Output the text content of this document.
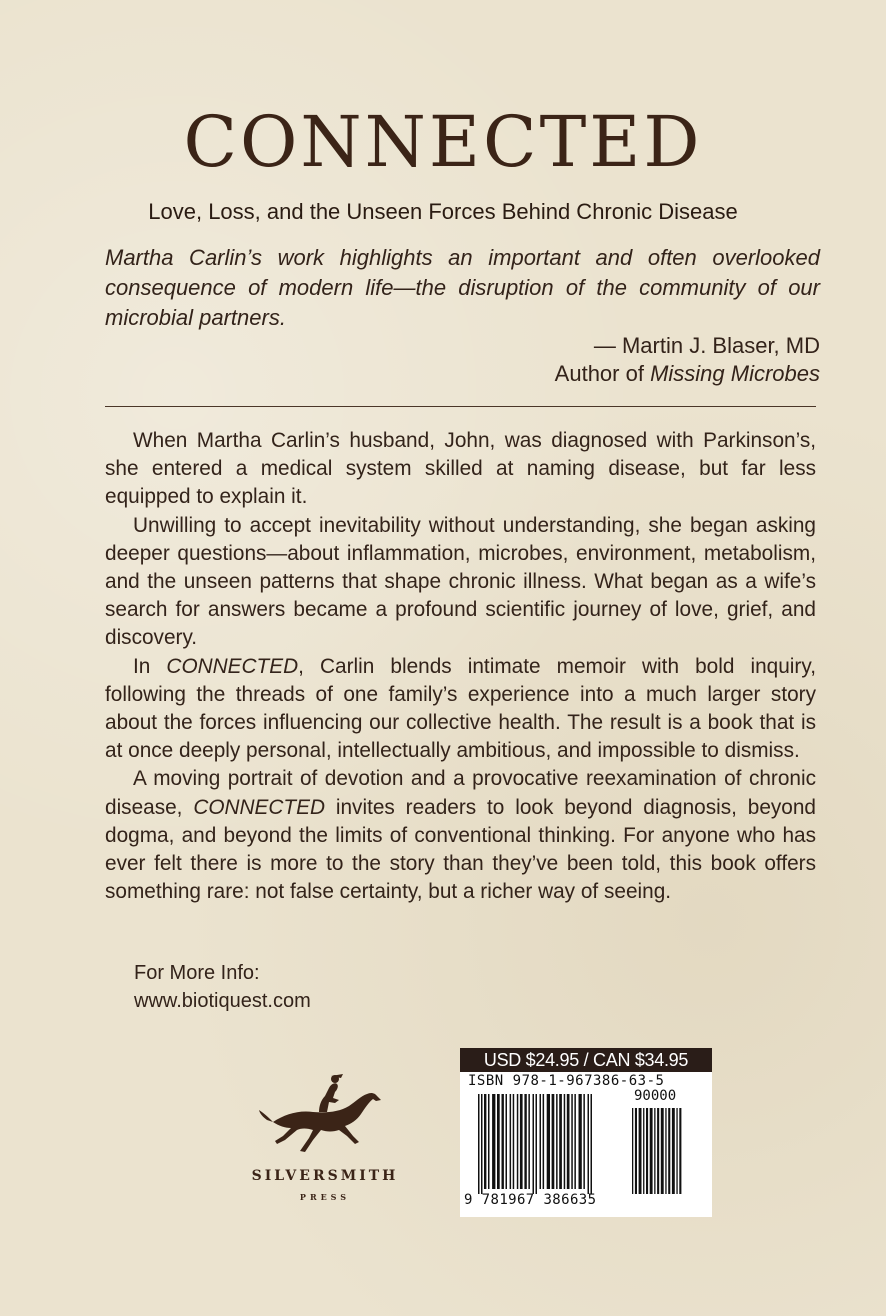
CONNECTED
Love, Loss, and the Unseen Forces Behind Chronic Disease

Martha Carlin’s work highlights an important and often overlooked consequence of modern life—the disruption of the community of our microbial partners.

— Martin J. Blaser, MD
Author of Missing Microbes

When Martha Carlin’s husband, John, was diagnosed with Parkinson’s, she entered a medical system skilled at naming disease, but far less equipped to explain it.

Unwilling to accept inevitability without understanding, she began asking deeper questions—about inflammation, microbes, environment, metabolism, and the unseen patterns that shape chronic illness. What began as a wife’s search for answers became a profound scientific journey of love, grief, and discovery.

In CONNECTED, Carlin blends intimate memoir with bold inquiry, following the threads of one family’s experience into a much larger story about the forces influencing our collective health. The result is a book that is at once deeply personal, intellectually ambitious, and impossible to dismiss.

A moving portrait of devotion and a provocative reexamination of chronic disease, CONNECTED invites readers to look beyond diagnosis, beyond dogma, and beyond the limits of conventional thinking. For anyone who has ever felt there is more to the story than they’ve been told, this book offers something rare: not false certainty, but a richer way of seeing.

For More Info:
www.biotiquest.com
SILVERSMITH
PRESS
USD $24.95 / CAN $34.95
ISBN 978-1-967386-63-5
90000
9 781967 386635
